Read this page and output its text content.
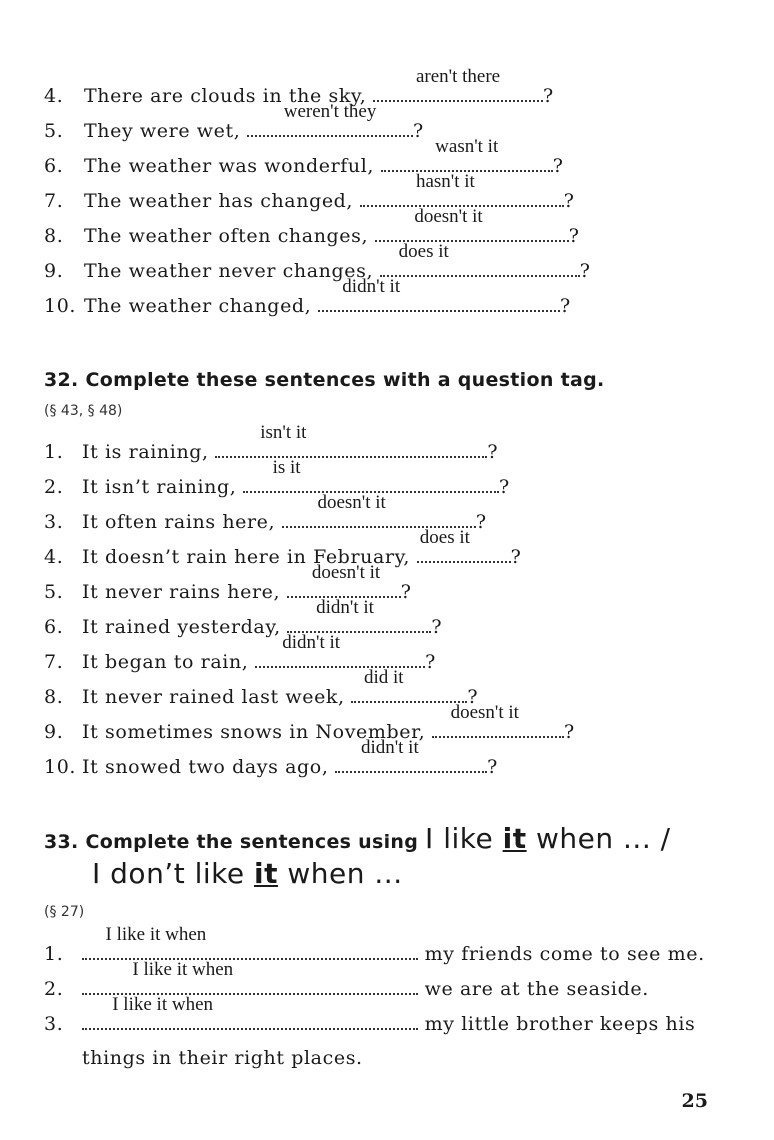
4. There are clouds in the sky,
aren't there
?
5. They were wet,
weren't they
?
6. The weather was wonderful,
wasn't it
?
7. The weather has changed,
hasn't it
?
8. The weather often changes,
doesn't it
?
9. The weather never changes,
does it
?
10. The weather changed,
didn't it
?
32. Complete these sentences with a question tag.
(§ 43, § 48)
1. It is raining,
isn't it
?
2. It isn’t raining,
is it
?
3. It often rains here,
doesn't it
?
4. It doesn’t rain here in February,
does it
?
5. It never rains here,
doesn't it
?
6. It rained yesterday,
didn't it
?
7. It began to rain,
didn't it
?
8. It never rained last week,
did it
?
9. It sometimes snows in November,
doesn't it
?
10. It snowed two days ago,
didn't it
?
33. Complete the sentences using I like it when ... /
I don’t like it when ...
(§ 27)
1.
I like it when
my friends come to see me.
2.
I like it when
we are at the seaside.
3.
I like it when
my little brother keeps his
things in their right places.
25
